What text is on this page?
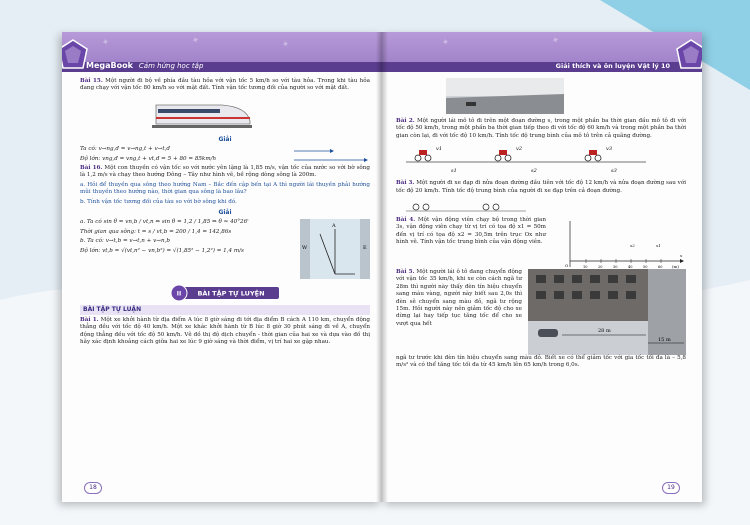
✦	✦	✦
MegaBook Cảm hứng học tập

Bài 15. Một người đi bộ về phía đầu tàu hỏa với vận tốc 5 km/h so với tàu hỏa. Trong khi tàu hỏa đang chạy với vận tốc 80 km/h so với mặt đất. Tính vận tốc tương đối của người so với mặt đất.

Giải

Ta có: v→ng,đ = v→ng,t + v→t,đ

Độ lớn: vng,đ = vng,t + vt,đ = 5 + 80 = 85km/h

Bài 16. Một con thuyền có vận tốc so với nước yên lặng là 1,85 m/s, vận tốc của nước so với bờ sông là 1,2 m/s và chạy theo hướng Đông – Tây như hình vẽ, bề rộng dòng sông là 200m.

a. Hỏi để thuyền qua sông theo hướng Nam – Bắc đến cập bến tại A thì người lái thuyền phải hướng mũi thuyền theo hướng nào, thời gian qua sông là bao lâu?

b. Tính vận tốc tương đối của tàu so với bờ sông khi đó.

Giải

a. Ta có sin θ = vn,b / vt,n ⇔ sin θ = 1,2 / 1,85 ⇒ θ ≈ 40°26'

Thời gian qua sông: t = s / vt,b = 200 / 1,4 = 142,86s

b. Ta có: v→t,b = v→t,n + v→n,b

Độ lớn: vt,b = √(vt,n² − vn,b²) = √(1,85² − 1,2²) = 1,4 m/s

A
W	E
II BÀI TẬP TỰ LUYỆN
BÀI TẬP TỰ LUẬN

Bài 1. Một xe khởi hành từ địa điểm A lúc 8 giờ sáng đi tới địa điểm B cách A 110 km, chuyển động thẳng đều với tốc độ 40 km/h. Một xe khác khởi hành từ B lúc 8 giờ 30 phút sáng đi về A, chuyển động thẳng đều với tốc độ 50 km/h. Vẽ đồ thị độ dịch chuyển - thời gian của hai xe và dựa vào đồ thị hãy xác định khoảng cách giữa hai xe lúc 9 giờ sáng và thời điểm, vị trí hai xe gặp nhau.

18
✦	✦
Giải thích và ôn luyện Vật lý 10

Bài 2. Một người lái mô tô đi trên một đoạn đường s, trong một phần ba thời gian đầu mô tô đi với tốc độ 50 km/h, trong một phần ba thời gian tiếp theo đi với tốc độ 60 km/h và trong một phần ba thời gian còn lại, đi với tốc độ 10 km/h. Tính tốc độ trung bình của mô tô trên cả quãng đường.

v1	v2	v3
s1	s2	s3

Bài 3. Một người đi xe đạp đi nửa đoạn đường đầu tiên với tốc độ 12 km/h và nửa đoạn đường sau với tốc độ 20 km/h. Tính tốc độ trung bình của người đi xe đạp trên cả đoạn đường.

Bài 4. Một vận động viên chạy bộ trong thời gian 3s, vận động viên chạy từ vị trí có tọa độ x1 = 50m đến vị trí có tọa độ x2 = 30,5m trên trục Ox như hình vẽ. Tính vận tốc trung bình của vận động viên.

O	(m)
x
10	20	30	40	50	60
x2	x1

Bài 5. Một người lái ô tô đang chuyển động với vận tốc 35 km/h, khi xe còn cách ngã tư 28m thì người này thấy đèn tín hiệu chuyển sang màu vàng, người này biết sau 2,0s thì đèn sẽ chuyển sang màu đỏ, ngã tư rộng 15m. Hỏi người này nên giảm tốc độ cho xe dừng lại hay tiếp tục tăng tốc để cho xe vượt qua hết

28 m
15 m

ngã tư trước khi đèn tín hiệu chuyển sang màu đỏ. Biết xe có thể giảm tốc với gia tốc tối đa là – 5,8 m/s² và có thể tăng tốc tối đa từ 45 km/h lên 65 km/h trong 6,0s.

19
